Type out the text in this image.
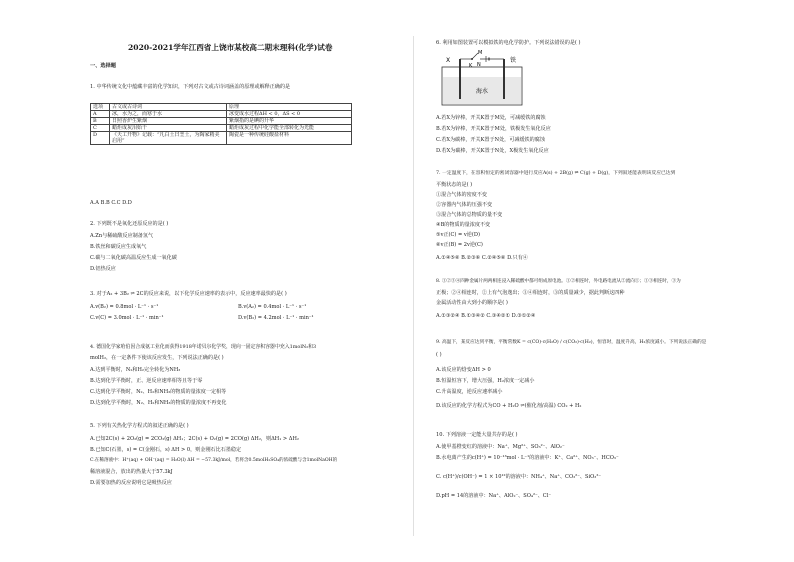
2020-2021学年江西省上饶市某校高二期末理科(化学)试卷
一、选择题
1. 中华传统文化中蕴藏丰富的化学知识，下列对古文或古诗词涵盖的原理或解释正确的是
选项	古文或古诗词	原理
A	冰，水为之，而寒于水	冰变成水过程ΔH < 0，ΔS < 0
B	日照香炉生紫烟	紫烟指的是碘的升华
C	蜡炬成灰泪始干	蜡炬成灰过程中化学能全部转化为光能
D	《天工开物》记载：“凡白土曰垩土，为陶家精美启用”	陶瓷是一种传统硅酸盐材料
A.A B.B C.C D.D
2. 下列既不是氧化还原反应的是( )
A.Zn与稀硫酸反应制备氢气
B.铁丝和碳反应生成氧气
C.碳与二氧化碳高温反应生成一氧化碳
D.铝热反应
3. 对于A₂ + 3B₂ ⇌ 2C的反应来说，以下化学反应速率的表示中，反应速率最快的是( )
A.v(B₂) = 0.8mol · L⁻¹ · s⁻¹	B.v(A₂) = 0.4mol · L⁻¹ · s⁻¹
C.v(C) = 3.0mol · L⁻¹ · min⁻¹	D.v(B₂) = 4.2mol · L⁻¹ · min⁻¹
4. 德国化学家哈伯因合成氨工业化而获得1918年诺贝尔化学奖，现向一固定容积容器中充入1molN₂和3
molH₂，在一定条件下使该反应发生，下列说法正确的是( )
A.达到平衡时，N₂和H₂完全转化为NH₃
B.达到化学平衡时，正、逆反应速率相等且等于零
C.达到化学平衡时，N₂、H₂和NH₃的物质的量浓度一定相等
D.达到化学平衡时，N₂、H₂和NH₃的物质的量浓度不再变化
5. 下列有关热化学方程式的叙述正确的是( )
A.已知2C(s) + 2O₂(g) = 2CO₂(g) ΔH₁；2C(s) + O₂(g) = 2CO(g) ΔH₂，则ΔH₁ > ΔH₂
B.已知C(石墨，s) = C(金刚石，s) ΔH > 0，则金刚石比石墨稳定
C.在稀溶液中：H⁺(aq) + OH⁻(aq) = H₂O(l) ΔH = −57.3kJ/mol，若将含0.5molH₂SO₄的浓硫酸与含1molNaOH的
稀溶液混合，放出的热量大于57.3kJ
D.需要加热的反应说明它是吸热反应
6. 利用如图装置可以模拟铁的电化学防护。下列说法错误的是( )
X
K
M
N
铁
海水
A.若X为锌棒，开关K置于M处，可减缓铁的腐蚀
B.若X为锌棒，开关K置于M处，铁极发生氧化反应
C.若X为碳棒，开关K置于N处，可减缓铁的腐蚀
D.若X为碳棒，开关K置于N处，X极发生氧化反应
7. 一定温度下，在容积恒定的密闭容器中进行反应A(s) + 2B(g) ⇌ C(g) + D(g)，下列叙述能表明该反应已达到
平衡状态的是( )
①混合气体的密度不变
②容器内气体的压强不变
③混合气体的总物质的量不变
④B的物质的量浓度不变
⑤v正(C) = v逆(D)
⑥v正(B) = 2v逆(C)
A.①④⑤⑥ B.②③⑥ C.②④⑤⑥ D.只有④
8. ①②③④四种金属片两两相连浸入稀硫酸中都可组成原电池。①②相连时，外电路电流从②流向①；①③相连时，③为
正极；②④相连时，②上有气泡逸出；③④相连时，③的质量减少，据此判断这四种
金属活动性由大到小的顺序是( )
A.①③②④ B.①③④② C.③④②① D.③①②④
9. 高温下，某反应达到平衡，平衡常数K = c(CO)·c(H₂O) / c(CO₂)·c(H₂)，恒容时，温度升高，H₂浓度减小。下列说法正确的是
( )
A.该反应的焓变ΔH > 0
B.恒温恒容下，增大压强，H₂浓度一定减小
C.升高温度，逆反应速率减小
D.该反应的化学方程式为CO + H₂O ⇌(催化剂/高温) CO₂ + H₂
10. 下列溶液一定能大量共存的是( )
A.使甲基橙变红的溶液中：Na⁺、Mg²⁺、SO₃²⁻、AlO₂⁻
B.水电离产生的c(H⁺) = 10⁻¹³mol · L⁻¹的溶液中：K⁺、Ca²⁺、NO₃⁻、HCO₃⁻
C. c(H⁺)/c(OH⁻) = 1 × 10¹²的溶液中：NH₄⁺、Na⁺、CO₃²⁻、SiO₃²⁻
D.pH = 14的溶液中：Na⁺、AlO₂⁻、SO₄²⁻、Cl⁻
